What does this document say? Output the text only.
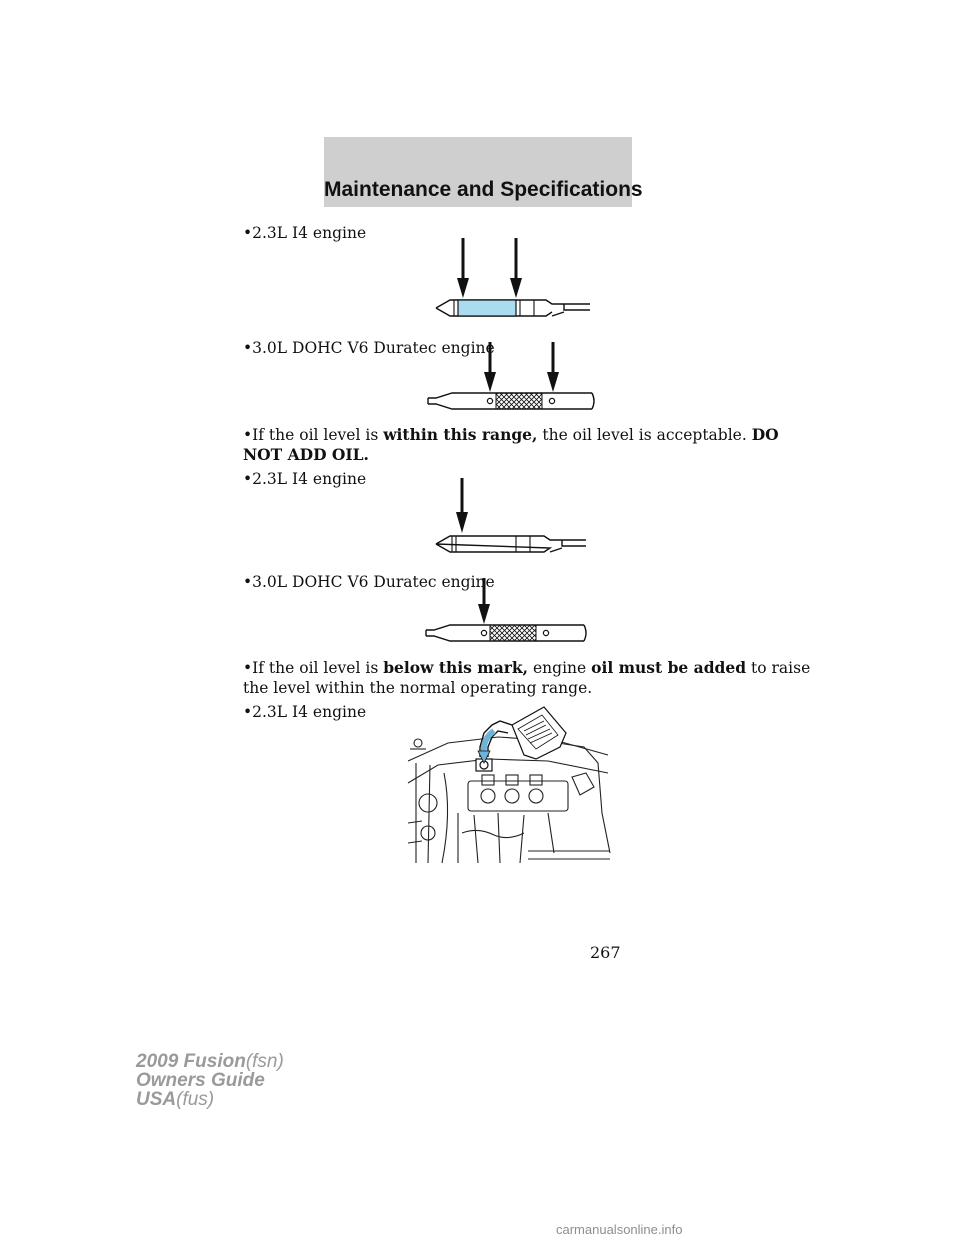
Maintenance and Specifications
•2.3L I4 engine
•3.0L DOHC V6 Duratec engine
•If the oil level is within this range, the oil level is acceptable. DO
NOT ADD OIL.
•2.3L I4 engine
•3.0L DOHC V6 Duratec engine
•If the oil level is below this mark, engine oil must be added to raise
the level within the normal operating range.
•2.3L I4 engine
267
2009 Fusion(fsn)
Owners Guide
USA(fus)
carmanualsonline.info
